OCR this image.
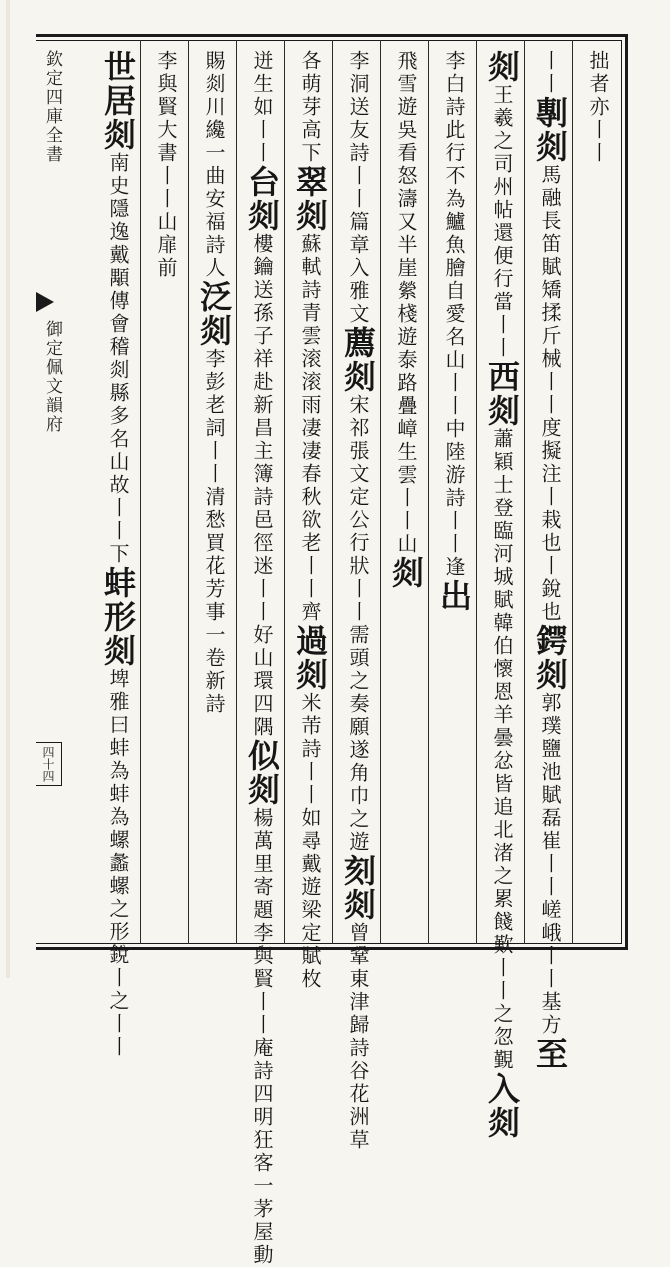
欽定四庫全書
御定佩文韻府
四十四
拙者亦丨丨
丨丨剸剡馬融長笛賦矯揉斤械丨丨度擬注丨栽也丨銳也鍔剡郭璞鹽池賦磊崔丨丨嵯峨丨丨基方至
剡王羲之司州帖還便行當丨丨西剡蕭穎士登臨河城賦韓伯懷恩羊曇忿皆追北渚之累餞歎丨丨之忽覲入剡
李白詩此行不為鱸魚膾自愛名山丨丨中陸游詩丨丨逢出
飛雪遊吳看怒濤又半崖縈棧遊泰路疊嶂生雲丨丨山剡
李洞送友詩丨丨篇章入雅文薦剡宋祁張文定公行狀丨丨需頭之奏願遂角巾之遊刻剡曾鞏東津歸詩谷花洲草
各萌芽高下翠剡蘇軾詩青雲滚滚雨凄凄春秋欲老丨丨齊過剡米芾詩丨丨如尋戴遊梁定賦枚
迸生如丨丨台剡樓鑰送孫子祥赴新昌主簿詩邑徑迷丨丨好山環四隅似剡楊萬里寄題李與賢丨丨庵詩四明狂客一茅屋動
賜剡川纔一曲安福詩人泛剡李彭老詞丨丨清愁買花芳事一卷新詩
李與賢大書丨丨山扉前
世居剡南史隱逸戴顒傳會稽剡縣多名山故丨丨下蚌形剡埤雅曰蚌為蚌為螺蠡螺之形銳丨之丨丨
